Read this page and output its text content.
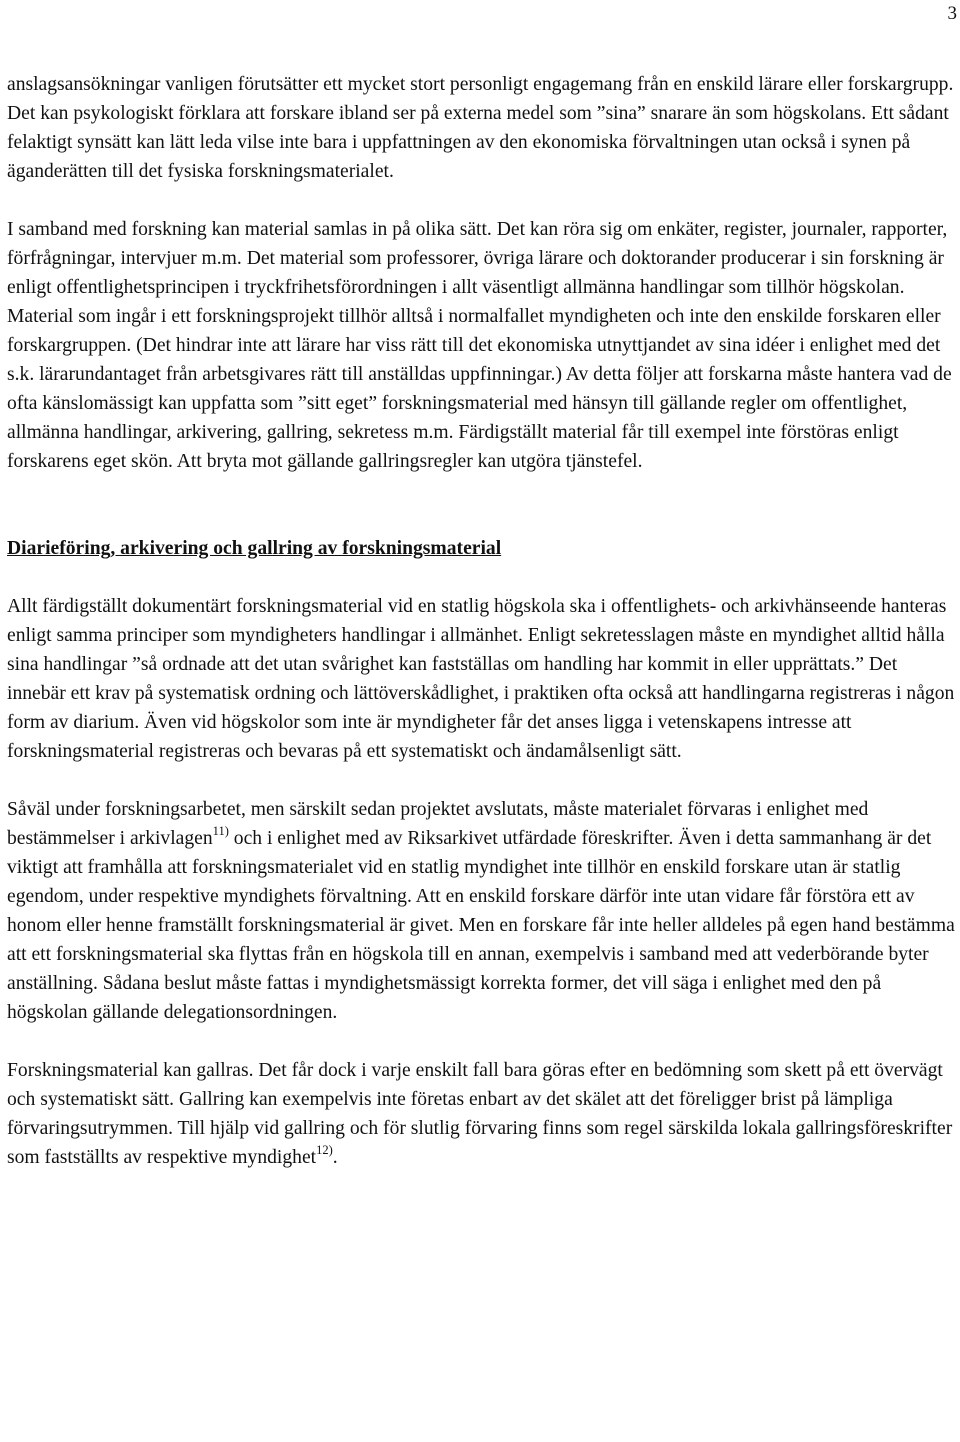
3

anslagsansökningar vanligen förutsätter ett mycket stort personligt engagemang från en enskild lärare eller forskargrupp. Det kan psykologiskt förklara att forskare ibland ser på externa medel som ”sina” snarare än som högskolans. Ett sådant felaktigt synsätt kan lätt leda vilse inte bara i uppfattningen av den ekonomiska förvaltningen utan också i synen på äganderätten till det fysiska forskningsmaterialet.

I samband med forskning kan material samlas in på olika sätt. Det kan röra sig om enkäter, register, journaler, rapporter, förfrågningar, intervjuer m.m. Det material som professorer, övriga lärare och doktorander producerar i sin forskning är enligt offentlighetsprincipen i tryckfrihetsförordningen i allt väsentligt allmänna handlingar som tillhör högskolan. Material som ingår i ett forskningsprojekt tillhör alltså i normalfallet myndigheten och inte den enskilde forskaren eller forskargruppen. (Det hindrar inte att lärare har viss rätt till det ekonomiska utnyttjandet av sina idéer i enlighet med det s.k. lärarundantaget från arbetsgivares rätt till anställdas uppfinningar.) Av detta följer att forskarna måste hantera vad de ofta känslomässigt kan uppfatta som ”sitt eget” forskningsmaterial med hänsyn till gällande regler om offentlighet, allmänna handlingar, arkivering, gallring, sekretess m.m. Färdigställt material får till exempel inte förstöras enligt forskarens eget skön. Att bryta mot gällande gallringsregler kan utgöra tjänstefel.

Diarieföring, arkivering och gallring av forskningsmaterial

Allt färdigställt dokumentärt forskningsmaterial vid en statlig högskola ska i offentlighets- och arkivhänseende hanteras enligt samma principer som myndigheters handlingar i allmänhet. Enligt sekretesslagen måste en myndighet alltid hålla sina handlingar ”så ordnade att det utan svårighet kan fastställas om handling har kommit in eller upprättats.” Det innebär ett krav på systematisk ordning och lättöverskådlighet, i praktiken ofta också att handlingarna registreras i någon form av diarium. Även vid högskolor som inte är myndigheter får det anses ligga i vetenskapens intresse att forskningsmaterial registreras och bevaras på ett systematiskt och ändamålsenligt sätt.

Såväl under forskningsarbetet, men särskilt sedan projektet avslutats, måste materialet förvaras i enlighet med bestämmelser i arkivlagen$^{11)}$ och i enlighet med av Riksarkivet utfärdade föreskrifter. Även i detta sammanhang är det viktigt att framhålla att forskningsmaterialet vid en statlig myndighet inte tillhör en enskild forskare utan är statlig egendom, under respektive myndighets förvaltning. Att en enskild forskare därför inte utan vidare får förstöra ett av honom eller henne framställt forskningsmaterial är givet. Men en forskare får inte heller alldeles på egen hand bestämma att ett forskningsmaterial ska flyttas från en högskola till en annan, exempelvis i samband med att vederbörande byter anställning. Sådana beslut måste fattas i myndighetsmässigt korrekta former, det vill säga i enlighet med den på högskolan gällande delegationsordningen.

Forskningsmaterial kan gallras. Det får dock i varje enskilt fall bara göras efter en bedömning som skett på ett övervägt och systematiskt sätt. Gallring kan exempelvis inte företas enbart av det skälet att det föreligger brist på lämpliga förvaringsutrymmen. Till hjälp vid gallring och för slutlig förvaring finns som regel särskilda lokala gallringsföreskrifter som fastställts av respektive myndighet$^{12)}$.
